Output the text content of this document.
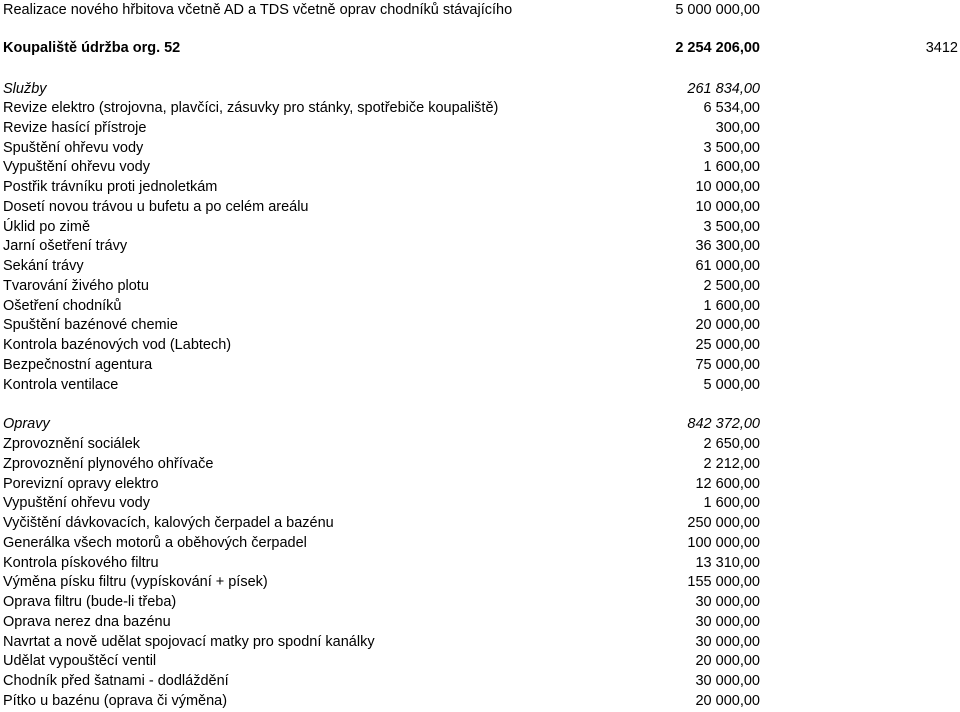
Realizace nového hřbitova včetně AD a TDS včetně oprav chodníků stávajícího	5 000 000,00
Koupaliště údržba org. 52	2 254 206,00	3412
Služby	261 834,00
Revize elektro (strojovna, plavčíci, zásuvky pro stánky, spotřebiče koupaliště)	6 534,00
Revize hasící přístroje	300,00
Spuštění ohřevu vody	3 500,00
Vypuštění ohřevu vody	1 600,00
Postřik trávníku proti jednoletkám	10 000,00
Dosetí novou trávou u bufetu a po celém areálu	10 000,00
Úklid po zimě	3 500,00
Jarní ošetření trávy	36 300,00
Sekání trávy	61 000,00
Tvarování živého plotu	2 500,00
Ošetření chodníků	1 600,00
Spuštění bazénové chemie	20 000,00
Kontrola bazénových vod (Labtech)	25 000,00
Bezpečnostní agentura	75 000,00
Kontrola ventilace	5 000,00
Opravy	842 372,00
Zprovoznění sociálek	2 650,00
Zprovoznění plynového ohřívače	2 212,00
Porevizní opravy elektro	12 600,00
Vypuštění ohřevu vody	1 600,00
Vyčištění dávkovacích, kalových čerpadel a bazénu	250 000,00
Generálka všech motorů a oběhových čerpadel	100 000,00
Kontrola pískového filtru	13 310,00
Výměna písku filtru (vypískování + písek)	155 000,00
Oprava filtru (bude-li třeba)	30 000,00
Oprava nerez dna bazénu	30 000,00
Navrtat a nově udělat spojovací matky pro spodní kanálky	30 000,00
Udělat vypouštěcí ventil	20 000,00
Chodník před šatnami - dodláždění	30 000,00
Pítko u bazénu (oprava či výměna)	20 000,00
